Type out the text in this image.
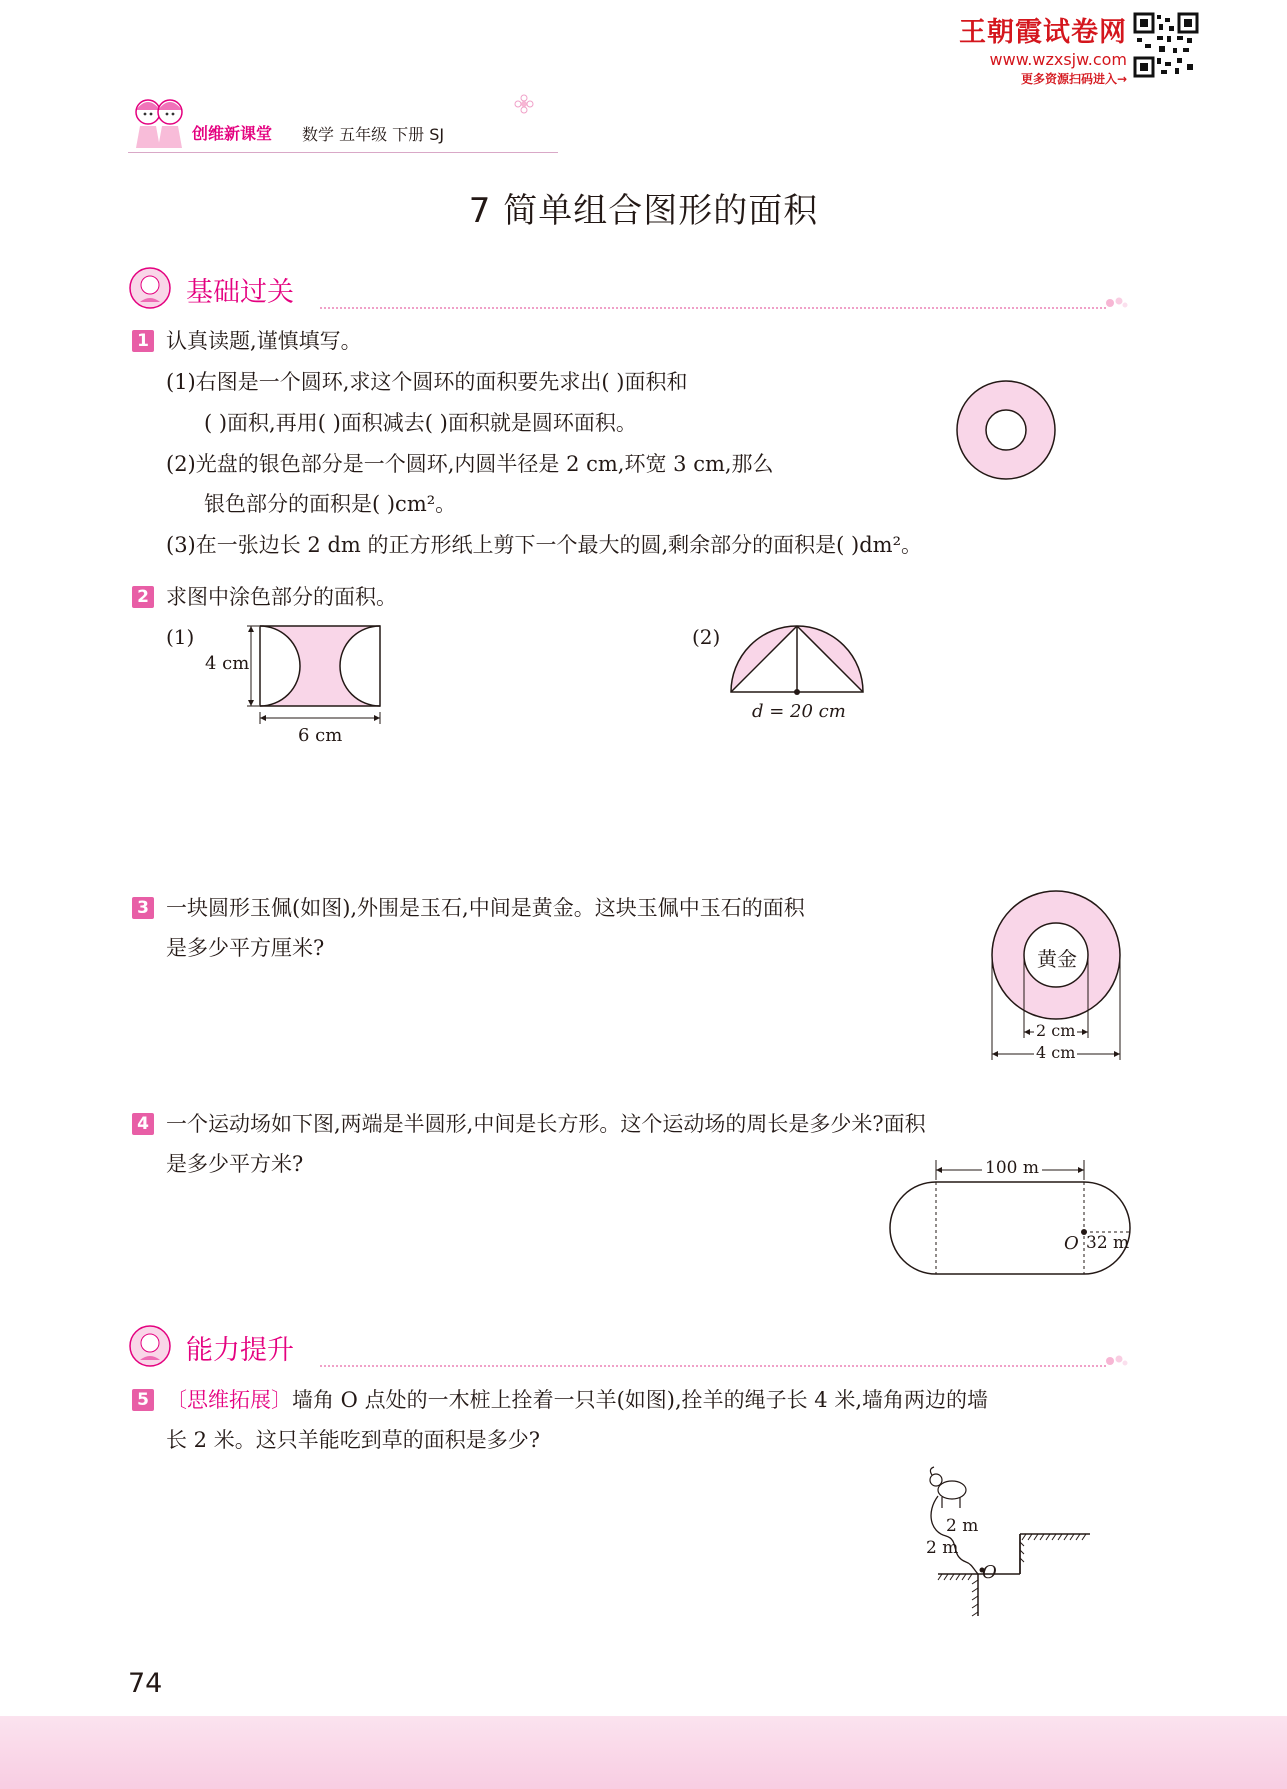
王朝霞试卷网
www.wzxsjw.com
更多资源扫码进入→
创维新课堂 数学 五年级 下册 SJ
7 简单组合图形的面积
基础过关
1 认真读题,谨慎填写。
(1)右图是一个圆环,求这个圆环的面积要先求出( )面积和
( )面积,再用( )面积减去( )面积就是圆环面积。
(2)光盘的银色部分是一个圆环,内圆半径是 2 cm,环宽 3 cm,那么
银色部分的面积是( )cm²。
(3)在一张边长 2 dm 的正方形纸上剪下一个最大的圆,剩余部分的面积是( )dm²。
2 求图中涂色部分的面积。
(1)
4 cm
6 cm
(2)
d = 20 cm
3 一块圆形玉佩(如图),外围是玉石,中间是黄金。这块玉佩中玉石的面积
是多少平方厘米?	黄金
2 cm
4 cm
4 一个运动场如下图,两端是半圆形,中间是长方形。这个运动场的周长是多少米?面积
是多少平方米?	100 m
O 32 m
能力提升
5 〔思维拓展〕墙角 O 点处的一木桩上拴着一只羊(如图),拴羊的绳子长 4 米,墙角两边的墙
长 2 米。这只羊能吃到草的面积是多少?
2 m
2 m
O
74
